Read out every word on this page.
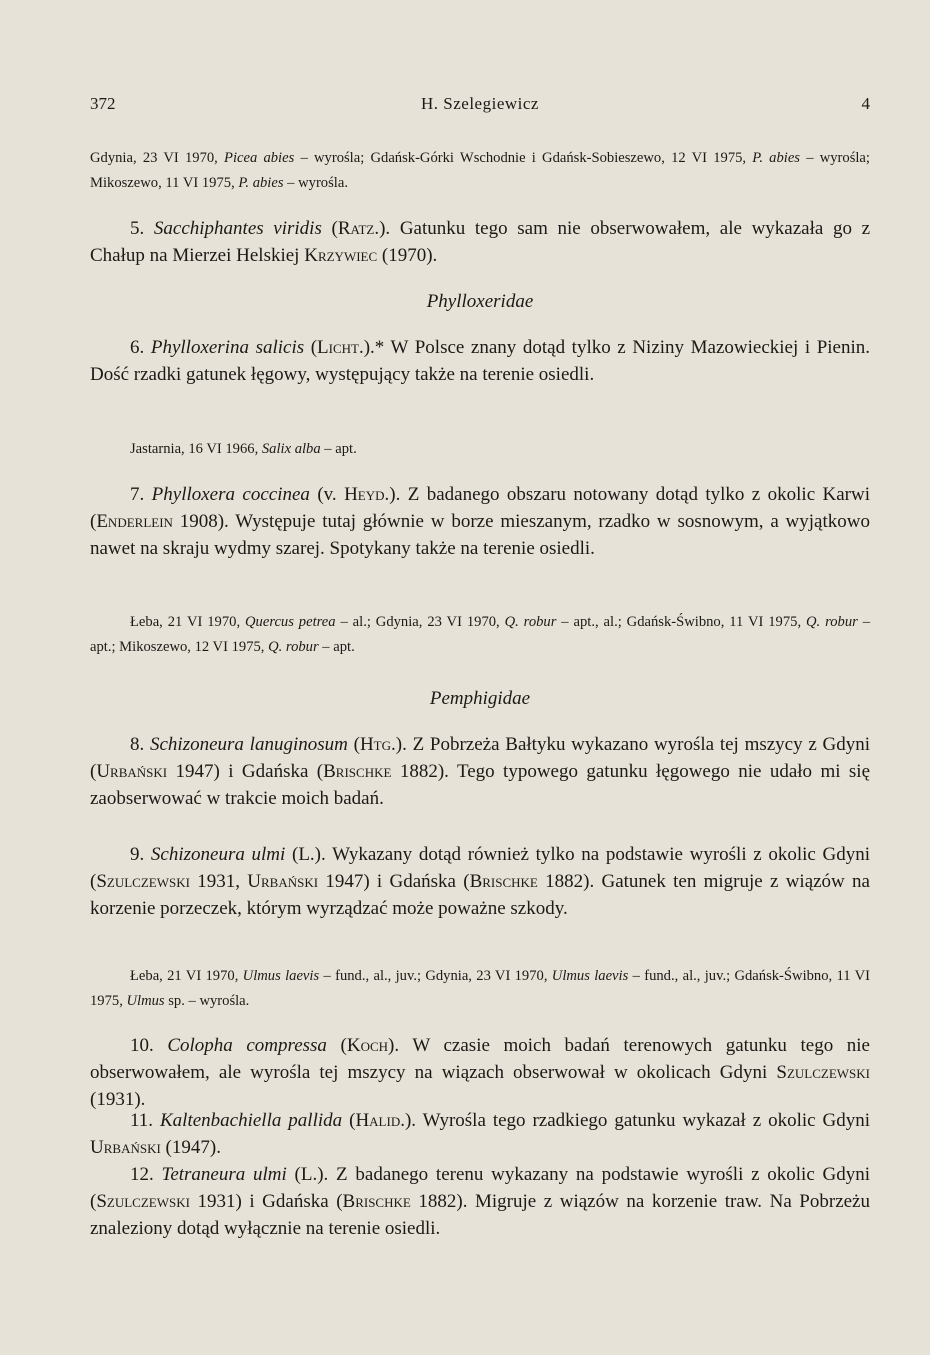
372	H. Szelegiewicz	4
Gdynia, 23 VI 1970, Picea abies – wyrośla; Gdańsk-Górki Wschodnie i Gdańsk-Sobieszewo, 12 VI 1975, P. abies – wyrośla; Mikoszewo, 11 VI 1975, P. abies – wyrośla.
5. Sacchiphantes viridis (Ratz.). Gatunku tego sam nie obserwowałem, ale wykazała go z Chałup na Mierzei Helskiej Krzywiec (1970).
Phylloxeridae
6. Phylloxerina salicis (Licht.).* W Polsce znany dotąd tylko z Niziny Mazowieckiej i Pienin. Dość rzadki gatunek łęgowy, występujący także na terenie osiedli.
Jastarnia, 16 VI 1966, Salix alba – apt.
7. Phylloxera coccinea (v. Heyd.). Z badanego obszaru notowany dotąd tylko z okolic Karwi (Enderlein 1908). Występuje tutaj głównie w borze mieszanym, rzadko w sosnowym, a wyjątkowo nawet na skraju wydmy szarej. Spotykany także na terenie osiedli.
Łeba, 21 VI 1970, Quercus petrea – al.; Gdynia, 23 VI 1970, Q. robur – apt., al.; Gdańsk-Świbno, 11 VI 1975, Q. robur – apt.; Mikoszewo, 12 VI 1975, Q. robur – apt.
Pemphigidae
8. Schizoneura lanuginosum (Htg.). Z Pobrzeża Bałtyku wykazano wyrośla tej mszycy z Gdyni (Urbański 1947) i Gdańska (Brischke 1882). Tego typowego gatunku łęgowego nie udało mi się zaobserwować w trakcie moich badań.
9. Schizoneura ulmi (L.). Wykazany dotąd również tylko na podstawie wyrośli z okolic Gdyni (Szulczewski 1931, Urbański 1947) i Gdańska (Brischke 1882). Gatunek ten migruje z wiązów na korzenie porzeczek, którym wyrządzać może poważne szkody.
Łeba, 21 VI 1970, Ulmus laevis – fund., al., juv.; Gdynia, 23 VI 1970, Ulmus laevis – fund., al., juv.; Gdańsk-Świbno, 11 VI 1975, Ulmus sp. – wyrośla.
10. Colopha compressa (Koch). W czasie moich badań terenowych gatunku tego nie obserwowałem, ale wyrośla tej mszycy na wiązach obserwował w okolicach Gdyni Szulczewski (1931).
11. Kaltenbachiella pallida (Halid.). Wyrośla tego rzadkiego gatunku wykazał z okolic Gdyni Urbański (1947).
12. Tetraneura ulmi (L.). Z badanego terenu wykazany na podstawie wyrośli z okolic Gdyni (Szulczewski 1931) i Gdańska (Brischke 1882). Migruje z wiązów na korzenie traw. Na Pobrzeżu znaleziony dotąd wyłącznie na terenie osiedli.
